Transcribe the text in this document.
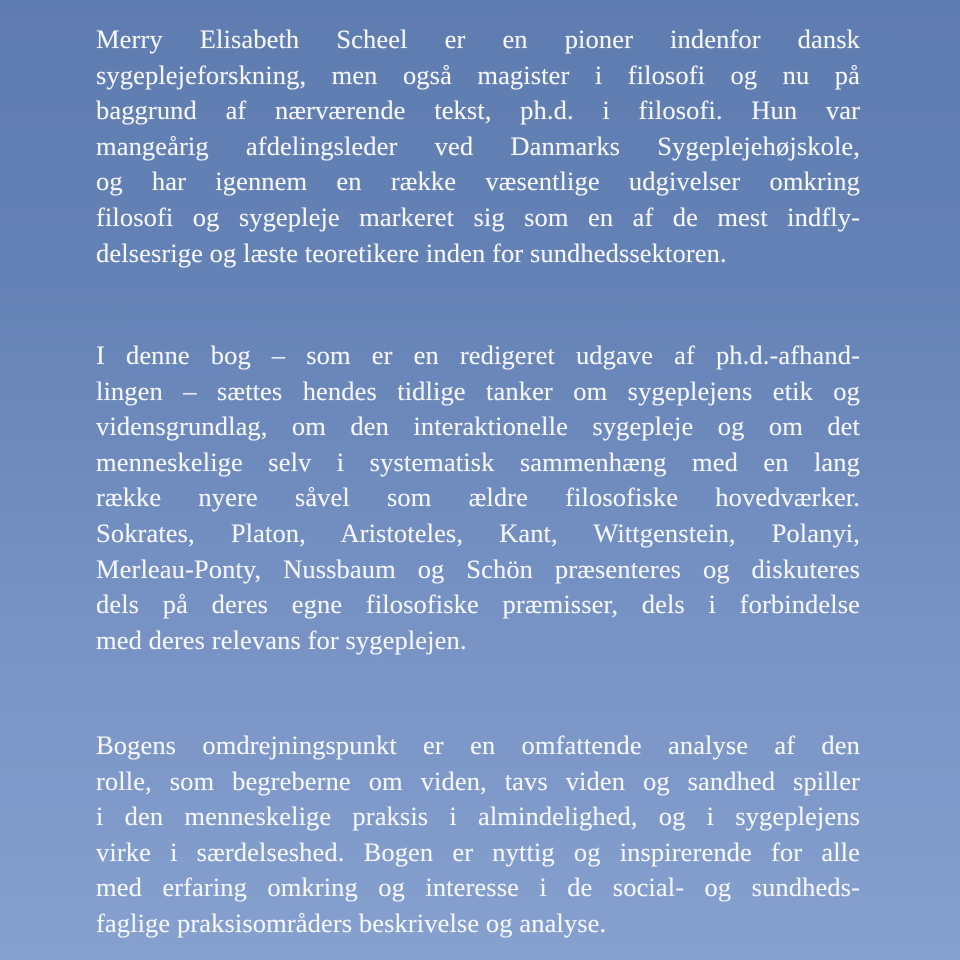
Merry Elisabeth Scheel er en pioner indenfor dansk
sygeplejeforskning, men også magister i filosofi og nu på
baggrund af nærværende tekst, ph.d. i filosofi. Hun var
mangeårig afdelingsleder ved Danmarks Sygeplejehøjskole,
og har igennem en række væsentlige udgivelser omkring
filosofi og sygepleje markeret sig som en af de mest indfly-
delsesrige og læste teoretikere inden for sundhedssektoren.
I denne bog – som er en redigeret udgave af ph.d.-afhand-
lingen – sættes hendes tidlige tanker om sygeplejens etik og
vidensgrundlag, om den interaktionelle sygepleje og om det
menneskelige selv i systematisk sammenhæng med en lang
række nyere såvel som ældre filosofiske hovedværker.
Sokrates, Platon, Aristoteles, Kant, Wittgenstein, Polanyi,
Merleau-Ponty, Nussbaum og Schön præsenteres og diskuteres
dels på deres egne filosofiske præmisser, dels i forbindelse
med deres relevans for sygeplejen.
Bogens omdrejningspunkt er en omfattende analyse af den
rolle, som begreberne om viden, tavs viden og sandhed spiller
i den menneskelige praksis i almindelighed, og i sygeplejens
virke i særdelseshed. Bogen er nyttig og inspirerende for alle
med erfaring omkring og interesse i de social- og sundheds-
faglige praksisområders beskrivelse og analyse.
